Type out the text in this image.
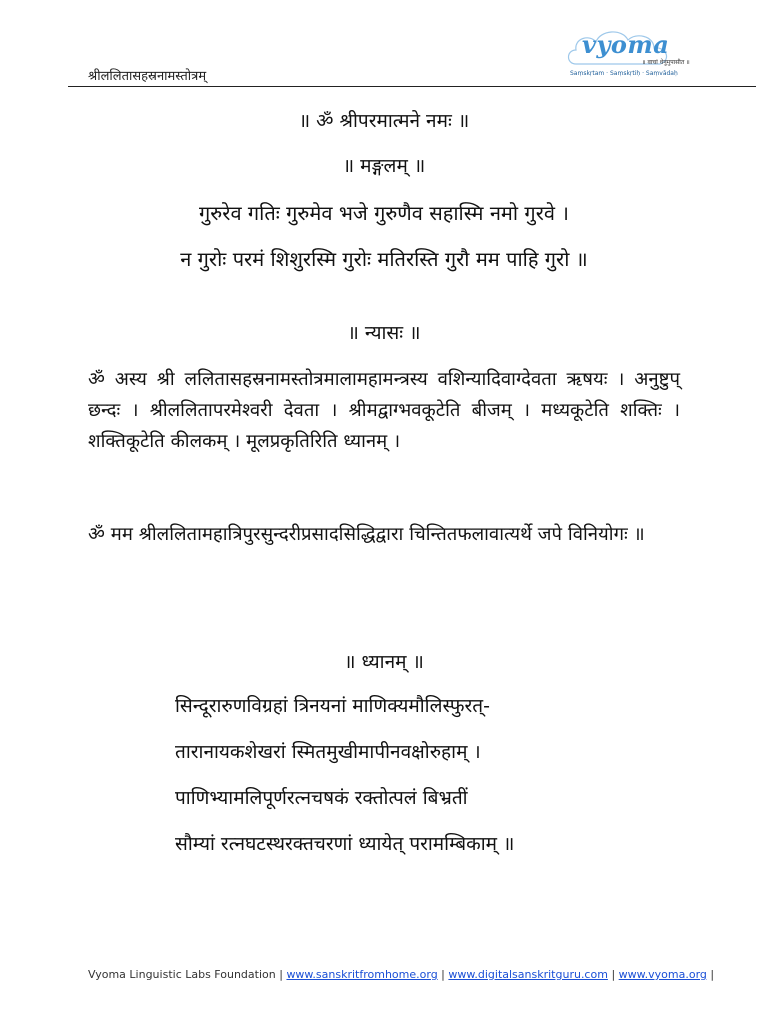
श्रीललितासहस्रनामस्तोत्रम्
vyoma
॥ वाचां धेनुमुपासीत ॥
Saṃskṛtam · Saṃskṛtiḥ · Saṃvādaḥ
॥ ॐ श्रीपरमात्मने नमः ॥
॥ मङ्गलम् ॥
गुरुरेव गतिः गुरुमेव भजे गुरुणैव सहास्मि नमो गुरवे ।
न गुरोः परमं शिशुरस्मि गुरोः मतिरस्ति गुरौ मम पाहि गुरो ॥
॥ न्यासः ॥
ॐ अस्य श्री ललितासहस्रनामस्तोत्रमालामहामन्त्रस्य वशिन्यादिवाग्देवता ऋषयः । अनुष्टुप् छन्दः । श्रीललितापरमेश्वरी देवता । श्रीमद्वाग्भवकूटेति बीजम् । मध्यकूटेति शक्तिः । शक्तिकूटेति कीलकम् । मूलप्रकृतिरिति ध्यानम् ।
ॐ मम श्रीललितामहात्रिपुरसुन्दरीप्रसादसिद्धिद्वारा चिन्तितफलावात्यर्थे जपे विनियोगः ॥
॥ ध्यानम् ॥
सिन्दूरारुणविग्रहां त्रिनयनां माणिक्यमौलिस्फुरत्-
तारानायकशेखरां स्मितमुखीमापीनवक्षोरुहाम् ।
पाणिभ्यामलिपूर्णरत्नचषकं रक्तोत्पलं बिभ्रतीं
सौम्यां रत्नघटस्थरक्तचरणां ध्यायेत् परामम्बिकाम् ॥
Vyoma Linguistic Labs Foundation | www.sanskritfromhome.org | www.digitalsanskritguru.com | www.vyoma.org |
